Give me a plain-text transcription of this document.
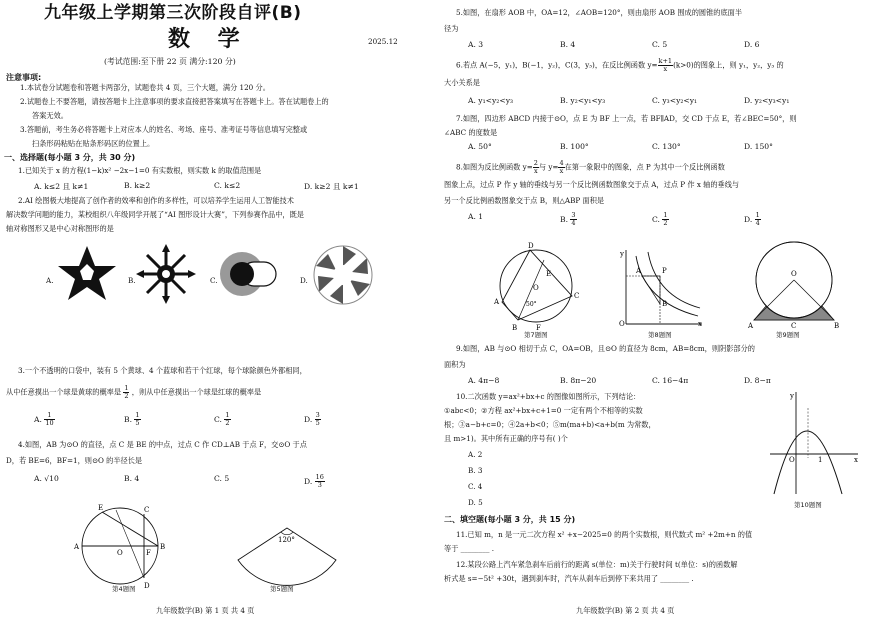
九年级上学期第三次阶段自评(B)
数 学	2025.12
(考试范围:至下册 22 页 满分:120 分)
注意事项:
1.本试卷分试题卷和答题卡两部分，试题卷共 4 页，三个大题，满分 120 分。
2.试题卷上不要答题，请按答题卡上注意事项的要求直接把答案填写在答题卡上。答在试题卷上的
答案无效。
3.答题前，考生务必将答题卡上对应本人的姓名、考场、座号、准考证号等信息填写完整或
扫条形码粘贴在贴条形码区的位置上。
一、选择题(每小题 3 分，共 30 分)
1.已知关于 x 的方程(1−k)x² −2x−1=0 有实数根，则实数 k 的取值范围是
A. k≤2 且 k≠1	B. k≥2	C. k≤2	D. k≥2 且 k≠1
2.AI 绘图极大地提高了创作者的效率和创作的多样性，可以培养学生运用人工智能技术
解决数学问题的能力，某校组织八年级同学开展了“AI 图形设计大赛”，下列参赛作品中，既是
轴对称图形又是中心对称图形的是
A.	B.	C.	D.
3.一个不透明的口袋中，装有 5 个黄球、4 个蓝球和若干个红球，每个球除颜色外都相同，
从中任意摸出一个球是黄球的概率是 $\frac{1}{2}$ ，则从中任意摸出一个球是红球的概率是
A. $\frac{1}{10}$	B. $\frac{1}{5}$	C. $\frac{1}{2}$	D. $\frac{3}{5}$
4.如图，AB 为⊙O 的直径，点 C 是 BE 的中点，过点 C 作 CD⊥AB 于点 F，交⊙O 于点
D，若 BE=6，BF=1，则⊙O 的半径长是
A. √10	B. 4	C. 5	D. $\frac{16}{3}$
E	C
A
O	F
B
D
第4题图
120°
第5题图
九年级数学(B) 第 1 页 共 4 页
5.如图，在扇形 AOB 中，OA=12，∠AOB=120°，则由扇形 AOB 围成的圆锥的底面半
径为
A. 3	B. 4	C. 5	D. 6
6.若点 A(−5，y₁)，B(−1，y₂)，C(3，y₃)，在反比例函数 $y= \frac{k+1}{x} (k>0)$的图象上，则 y₁，y₂，y₃ 的
大小关系是
A. y₁<y₂<y₃	B. y₂<y₁<y₃	C. y₃<y₂<y₁	D. y₂<y₃<y₁
7.如图，四边形 ABCD 内接于⊙O，点 E 为 BF 上一点，若 BF∥AD，交 CD 于点 E，若∠BEC=50°，则
∠ABC 的度数是
A. 50°	B. 100°	C. 130°	D. 150°
8.如图为反比例函数 $y= \frac{2}{x}$ 与 $y= \frac{4}{x}$ 在第一象限中的图象，点 P 为其中一个反比例函数
图象上点，过点 P 作 y 轴的垂线与另一个反比例函数图象交于点 A，过点 P 作 x 轴的垂线与
另一个反比例函数图象交于点 B，则△ABP 面积是
A. 1	B. $\frac{3}{4}$	C. $\frac{1}{2}$	D. $\frac{1}{4}$
D
A
O
E
C
50°
B	F
第7题图
y
A	P
B
O	x
第8题图
O
A	C	B
第9题图
9.如图，AB 与⊙O 相切于点 C，OA=OB，且⊙O 的直径为 8cm，AB=8cm，则阴影部分的
面积为
A. 4π−8	B. 8π−20	C. 16−4π	D. 8−π
10.二次函数 y=ax²+bx+c 的图像如图所示，下列结论：
①abc<0；②方程 ax²+bx+c+1=0 一定有两个不相等的实数
根；③a−b+c=0；④2a+b<0；⑤m(ma+b)<a+b(m 为常数，
且 m>1)。其中所有正确的序号有( )个
A. 2
B. 3
C. 4
D. 5
y
O	1	x
第10题图
二、填空题(每小题 3 分，共 15 分)
11.已知 m，n 是一元二次方程 x² +x−2025=0 的两个实数根，则代数式 m² +2m+n 的值
等于 ________ .
12.某段公路上汽车紧急刹车后前行的距离 s(单位：m)关于行驶时间 t(单位：s)的函数解
析式是 s=−5t² +30t，遇到刹车时，汽车从刹车后到停下来共用了 ________ .
九年级数学(B) 第 2 页 共 4 页
